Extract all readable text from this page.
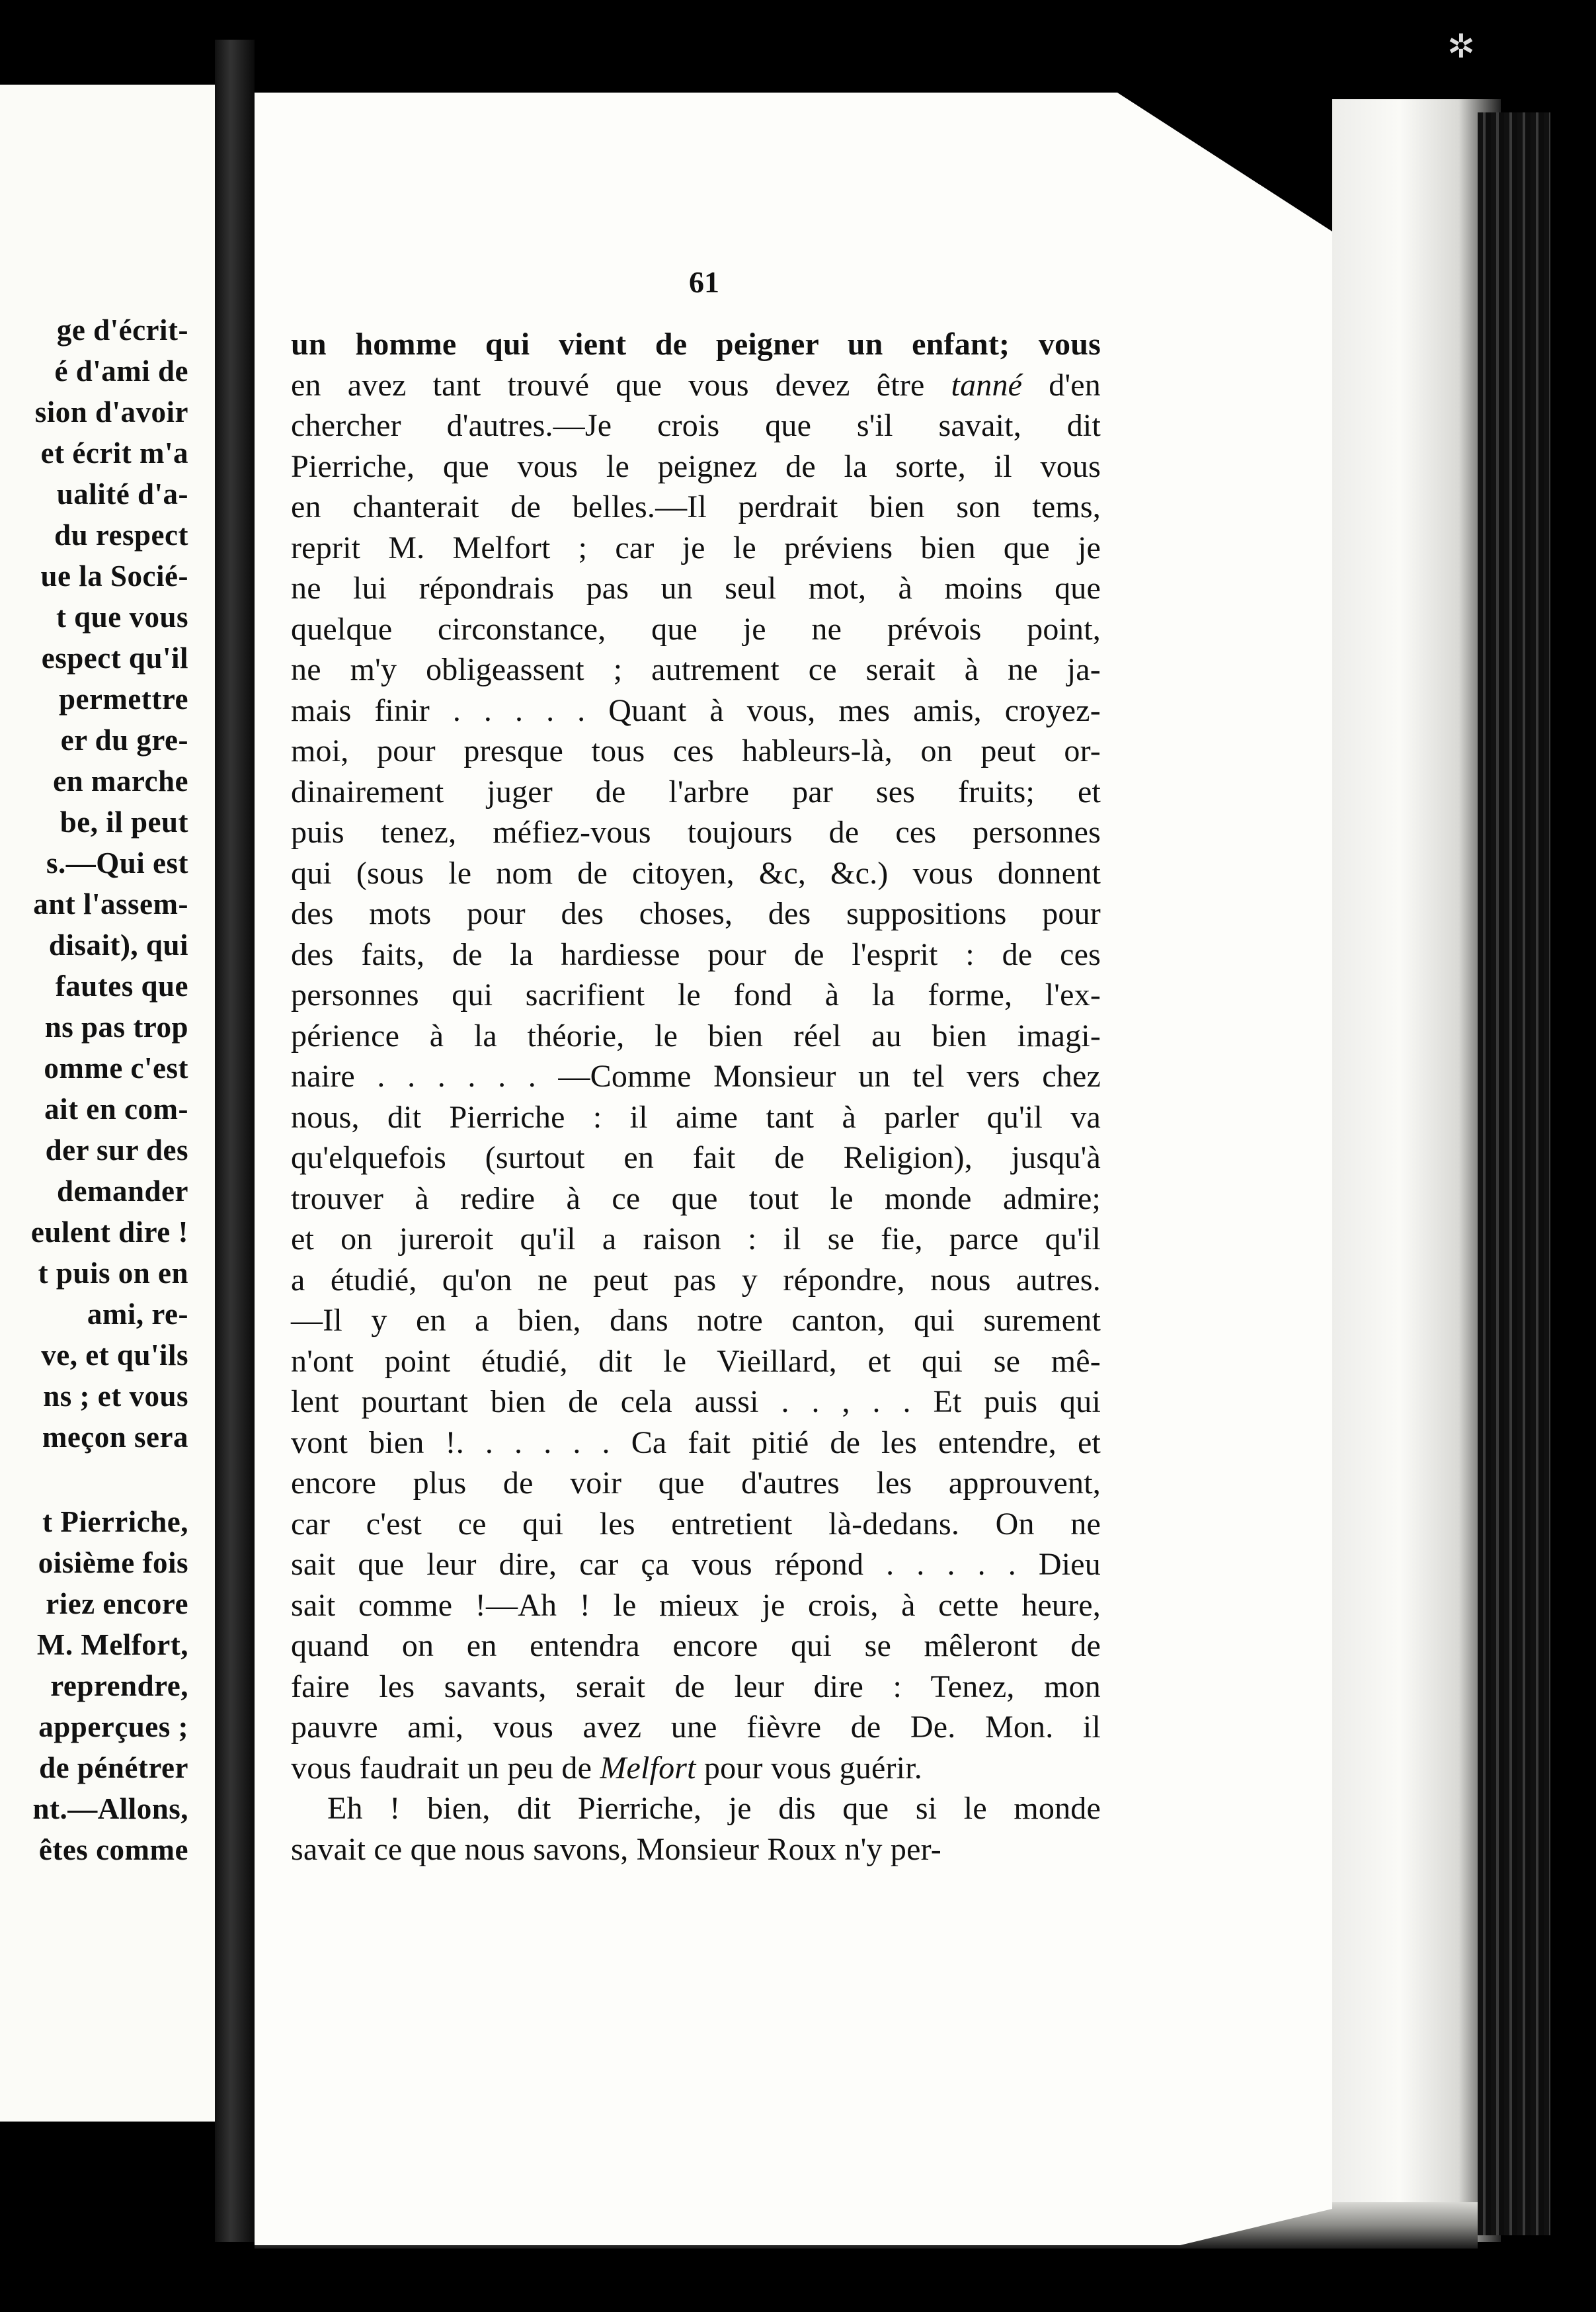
ge d'écrit-
é d'ami de
sion d'avoir
et écrit m'a
ualité d'a-
du respect
ue la Socié-
t que vous
espect qu'il
permettre
er du gre-
en marche
be, il peut
s.—Qui est
ant l'assem-
disait), qui
fautes que
ns pas trop
omme c'est
ait en com-
der sur des
demander
eulent dire !
t puis on en
ami, re-
ve, et qu'ils
ns ; et vous
meçon sera
t Pierriche,
oisième fois
riez encore
M. Melfort,
reprendre,
apperçues ;
de pénétrer
nt.—Allons,
êtes comme
✲
61
un homme qui vient de peigner un enfant; vous
en avez tant trouvé que vous devez être tanné d'en
chercher d'autres.—Je crois que s'il savait, dit
Pierriche, que vous le peignez de la sorte, il vous
en chanterait de belles.—Il perdrait bien son tems,
reprit M. Melfort ; car je le préviens bien que je
ne lui répondrais pas un seul mot, à moins que
quelque circonstance, que je ne prévois point,
ne m'y obligeassent ; autrement ce serait à ne ja-
mais finir . . . . . Quant à vous, mes amis, croyez-
moi, pour presque tous ces hableurs-là, on peut or-
dinairement juger de l'arbre par ses fruits; et
puis tenez, méfiez-vous toujours de ces personnes
qui (sous le nom de citoyen, &c, &c.) vous donnent
des mots pour des choses, des suppositions pour
des faits, de la hardiesse pour de l'esprit : de ces
personnes qui sacrifient le fond à la forme, l'ex-
périence à la théorie, le bien réel au bien imagi-
naire . . . . . . —Comme Monsieur un tel vers chez
nous, dit Pierriche : il aime tant à parler qu'il va
qu'elquefois (surtout en fait de Religion), jusqu'à
trouver à redire à ce que tout le monde admire;
et on jureroit qu'il a raison : il se fie, parce qu'il
a étudié, qu'on ne peut pas y répondre, nous autres.
—Il y en a bien, dans notre canton, qui surement
n'ont point étudié, dit le Vieillard, et qui se mê-
lent pourtant bien de cela aussi . . , . . Et puis qui
vont bien !. . . . . . Ca fait pitié de les entendre, et
encore plus de voir que d'autres les approuvent,
car c'est ce qui les entretient là-dedans. On ne
sait que leur dire, car ça vous répond . . . . . Dieu
sait comme !—Ah ! le mieux je crois, à cette heure,
quand on en entendra encore qui se mêleront de
faire les savants, serait de leur dire : Tenez, mon
pauvre ami, vous avez une fièvre de De. Mon. il
vous faudrait un peu de Melfort pour vous guérir.
Eh ! bien, dit Pierriche, je dis que si le monde
savait ce que nous savons, Monsieur Roux n'y per-
